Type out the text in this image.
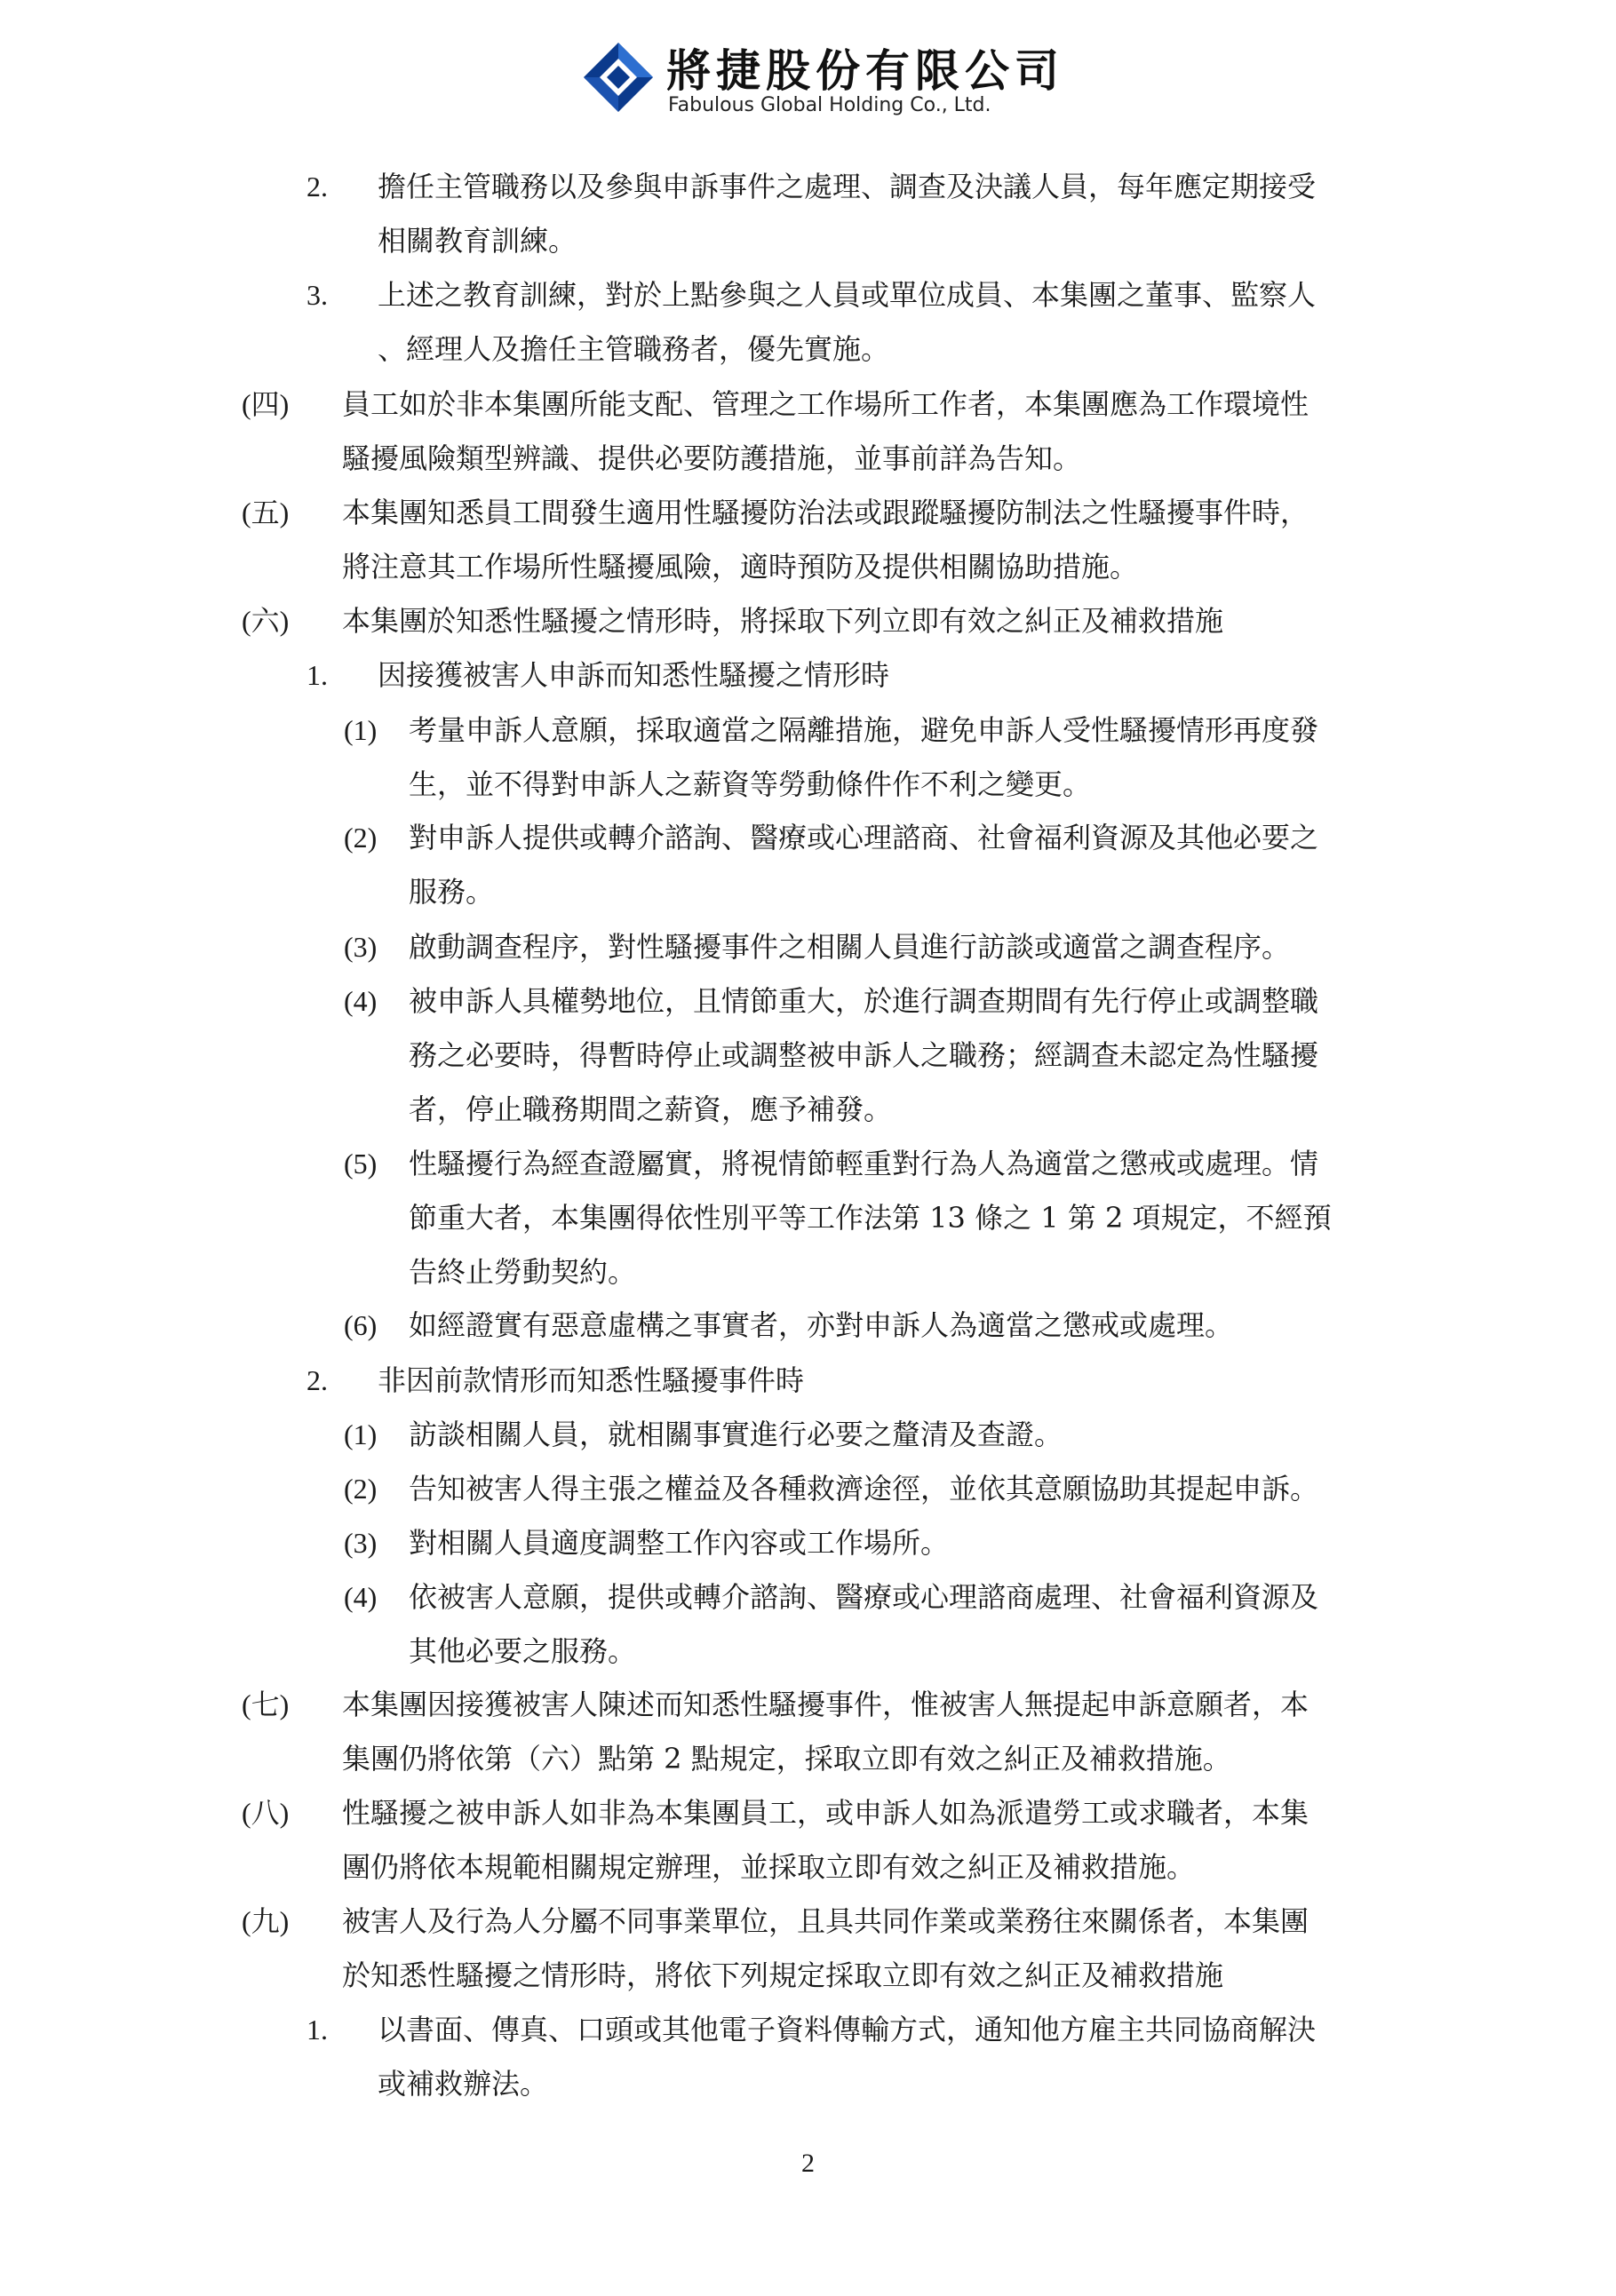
將捷股份有限公司
Fabulous Global Holding Co., Ltd.
2. 擔任主管職務以及參與申訴事件之處理、調查及決議人員，每年應定期接受
相關教育訓練。
3. 上述之教育訓練，對於上點參與之人員或單位成員、本集團之董事、監察人
、經理人及擔任主管職務者，優先實施。
(四) 員工如於非本集團所能支配、管理之工作場所工作者，本集團應為工作環境性
騷擾風險類型辨識、提供必要防護措施，並事前詳為告知。
(五) 本集團知悉員工間發生適用性騷擾防治法或跟蹤騷擾防制法之性騷擾事件時，
將注意其工作場所性騷擾風險，適時預防及提供相關協助措施。
(六) 本集團於知悉性騷擾之情形時，將採取下列立即有效之糾正及補救措施
1. 因接獲被害人申訴而知悉性騷擾之情形時
(1) 考量申訴人意願，採取適當之隔離措施，避免申訴人受性騷擾情形再度發
生，並不得對申訴人之薪資等勞動條件作不利之變更。
(2) 對申訴人提供或轉介諮詢、醫療或心理諮商、社會福利資源及其他必要之
服務。
(3) 啟動調查程序，對性騷擾事件之相關人員進行訪談或適當之調查程序。
(4) 被申訴人具權勢地位，且情節重大，於進行調查期間有先行停止或調整職
務之必要時，得暫時停止或調整被申訴人之職務；經調查未認定為性騷擾
者，停止職務期間之薪資，應予補發。
(5) 性騷擾行為經查證屬實，將視情節輕重對行為人為適當之懲戒或處理。情
節重大者，本集團得依性別平等工作法第 13 條之 1 第 2 項規定，不經預
告終止勞動契約。
(6) 如經證實有惡意虛構之事實者，亦對申訴人為適當之懲戒或處理。
2. 非因前款情形而知悉性騷擾事件時
(1) 訪談相關人員，就相關事實進行必要之釐清及查證。
(2) 告知被害人得主張之權益及各種救濟途徑，並依其意願協助其提起申訴。
(3) 對相關人員適度調整工作內容或工作場所。
(4) 依被害人意願，提供或轉介諮詢、醫療或心理諮商處理、社會福利資源及
其他必要之服務。
(七) 本集團因接獲被害人陳述而知悉性騷擾事件，惟被害人無提起申訴意願者，本
集團仍將依第（六）點第 2 點規定，採取立即有效之糾正及補救措施。
(八) 性騷擾之被申訴人如非為本集團員工，或申訴人如為派遣勞工或求職者，本集
團仍將依本規範相關規定辦理，並採取立即有效之糾正及補救措施。
(九) 被害人及行為人分屬不同事業單位，且具共同作業或業務往來關係者，本集團
於知悉性騷擾之情形時，將依下列規定採取立即有效之糾正及補救措施
1. 以書面、傳真、口頭或其他電子資料傳輸方式，通知他方雇主共同協商解決
或補救辦法。
2
